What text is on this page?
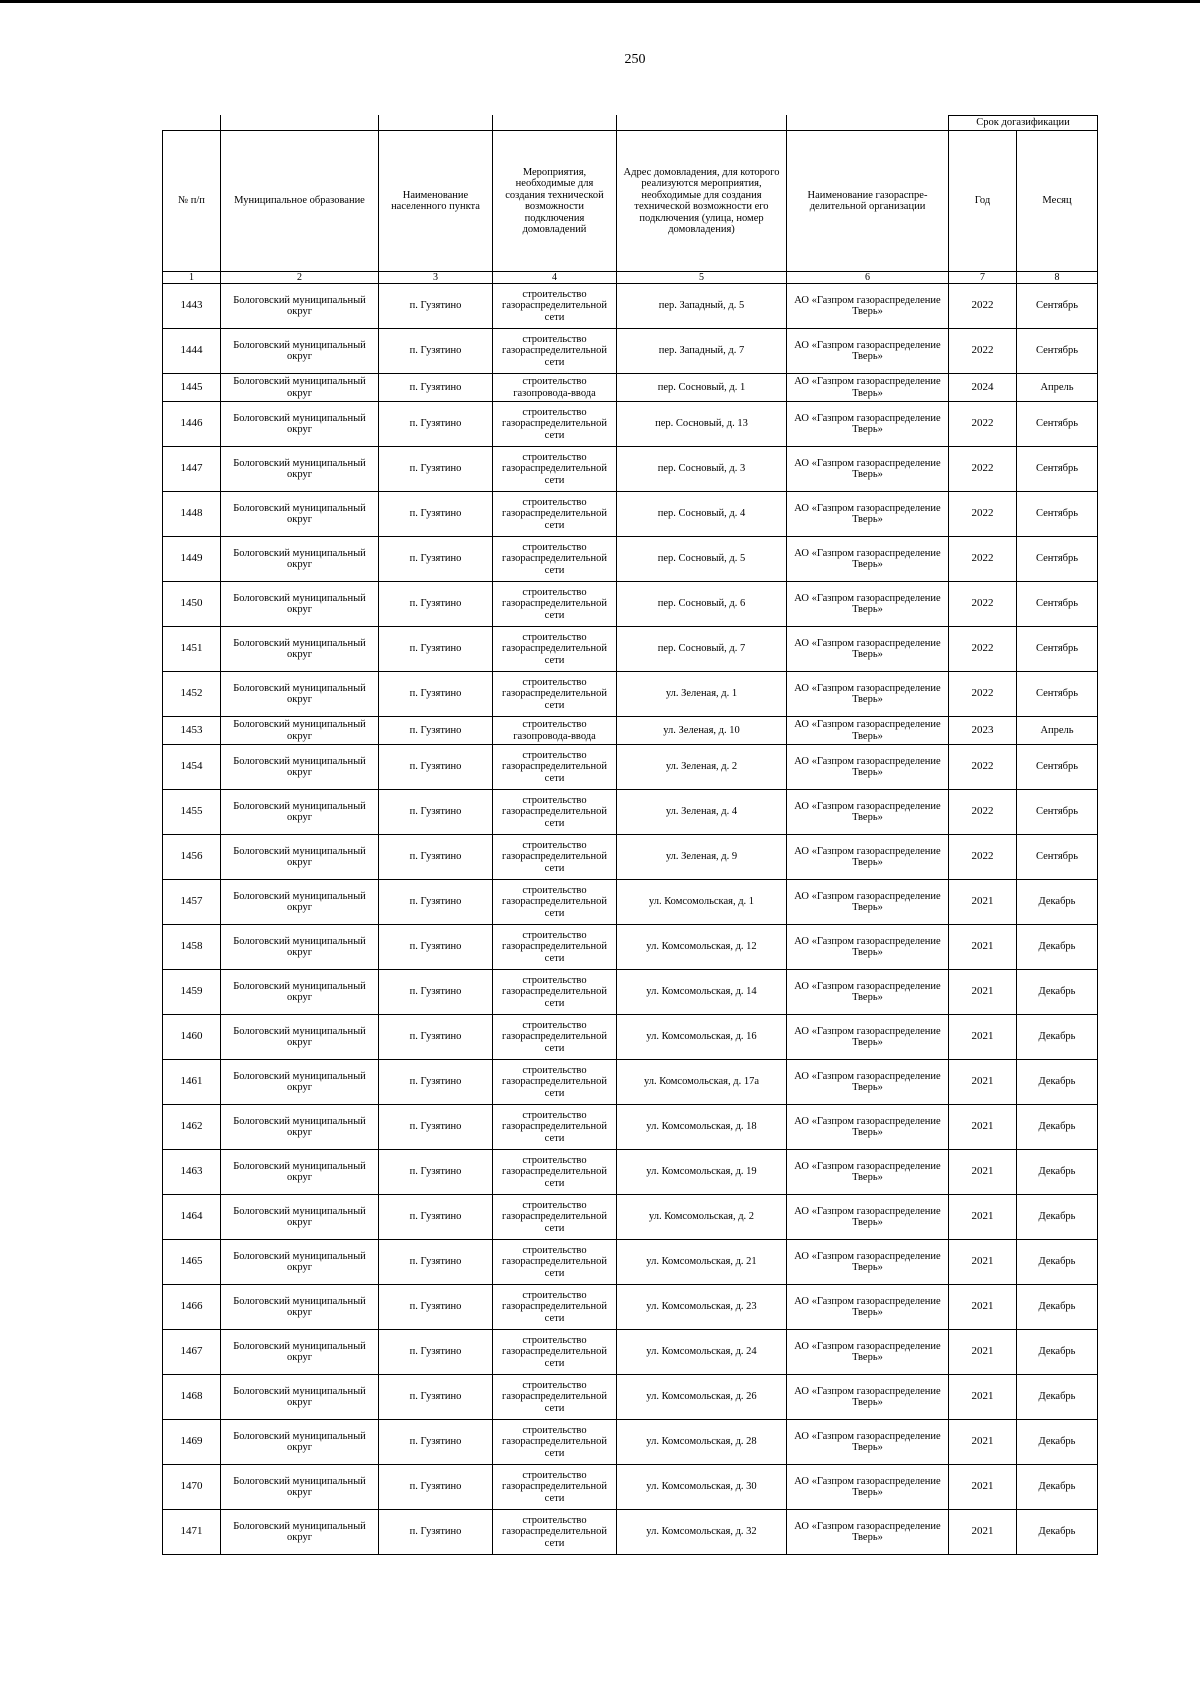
250
						Срок догазификации	
№ п/п	Муниципальное образование	Наименование населенного пункта	Мероприятия, необходимые для создания технической возможности подключения домовладений	Адрес домовладения, для которого реализуются мероприятия, необходимые для создания технической возможности его подключения (улица, номер домовладения)	Наименование газораспре-делительной организации	Год	Месяц
1	2	3	4	5	6	7	8
1443	Бологовский муниципальный округ	п. Гузятино	строительство газораспределительной сети	пер. Западный, д. 5	АО «Газпром газораспределение Тверь»	2022	Сентябрь
1444	Бологовский муниципальный округ	п. Гузятино	строительство газораспределительной сети	пер. Западный, д. 7	АО «Газпром газораспределение Тверь»	2022	Сентябрь
1445	Бологовский муниципальный округ	п. Гузятино	строительство газопровода-ввода	пер. Сосновый, д. 1	АО «Газпром газораспределение Тверь»	2024	Апрель
1446	Бологовский муниципальный округ	п. Гузятино	строительство газораспределительной сети	пер. Сосновый, д. 13	АО «Газпром газораспределение Тверь»	2022	Сентябрь
1447	Бологовский муниципальный округ	п. Гузятино	строительство газораспределительной сети	пер. Сосновый, д. 3	АО «Газпром газораспределение Тверь»	2022	Сентябрь
1448	Бологовский муниципальный округ	п. Гузятино	строительство газораспределительной сети	пер. Сосновый, д. 4	АО «Газпром газораспределение Тверь»	2022	Сентябрь
1449	Бологовский муниципальный округ	п. Гузятино	строительство газораспределительной сети	пер. Сосновый, д. 5	АО «Газпром газораспределение Тверь»	2022	Сентябрь
1450	Бологовский муниципальный округ	п. Гузятино	строительство газораспределительной сети	пер. Сосновый, д. 6	АО «Газпром газораспределение Тверь»	2022	Сентябрь
1451	Бологовский муниципальный округ	п. Гузятино	строительство газораспределительной сети	пер. Сосновый, д. 7	АО «Газпром газораспределение Тверь»	2022	Сентябрь
1452	Бологовский муниципальный округ	п. Гузятино	строительство газораспределительной сети	ул. Зеленая, д. 1	АО «Газпром газораспределение Тверь»	2022	Сентябрь
1453	Бологовский муниципальный округ	п. Гузятино	строительство газопровода-ввода	ул. Зеленая, д. 10	АО «Газпром газораспределение Тверь»	2023	Апрель
1454	Бологовский муниципальный округ	п. Гузятино	строительство газораспределительной сети	ул. Зеленая, д. 2	АО «Газпром газораспределение Тверь»	2022	Сентябрь
1455	Бологовский муниципальный округ	п. Гузятино	строительство газораспределительной сети	ул. Зеленая, д. 4	АО «Газпром газораспределение Тверь»	2022	Сентябрь
1456	Бологовский муниципальный округ	п. Гузятино	строительство газораспределительной сети	ул. Зеленая, д. 9	АО «Газпром газораспределение Тверь»	2022	Сентябрь
1457	Бологовский муниципальный округ	п. Гузятино	строительство газораспределительной сети	ул. Комсомольская, д. 1	АО «Газпром газораспределение Тверь»	2021	Декабрь
1458	Бологовский муниципальный округ	п. Гузятино	строительство газораспределительной сети	ул. Комсомольская, д. 12	АО «Газпром газораспределение Тверь»	2021	Декабрь
1459	Бологовский муниципальный округ	п. Гузятино	строительство газораспределительной сети	ул. Комсомольская, д. 14	АО «Газпром газораспределение Тверь»	2021	Декабрь
1460	Бологовский муниципальный округ	п. Гузятино	строительство газораспределительной сети	ул. Комсомольская, д. 16	АО «Газпром газораспределение Тверь»	2021	Декабрь
1461	Бологовский муниципальный округ	п. Гузятино	строительство газораспределительной сети	ул. Комсомольская, д. 17а	АО «Газпром газораспределение Тверь»	2021	Декабрь
1462	Бологовский муниципальный округ	п. Гузятино	строительство газораспределительной сети	ул. Комсомольская, д. 18	АО «Газпром газораспределение Тверь»	2021	Декабрь
1463	Бологовский муниципальный округ	п. Гузятино	строительство газораспределительной сети	ул. Комсомольская, д. 19	АО «Газпром газораспределение Тверь»	2021	Декабрь
1464	Бологовский муниципальный округ	п. Гузятино	строительство газораспределительной сети	ул. Комсомольская, д. 2	АО «Газпром газораспределение Тверь»	2021	Декабрь
1465	Бологовский муниципальный округ	п. Гузятино	строительство газораспределительной сети	ул. Комсомольская, д. 21	АО «Газпром газораспределение Тверь»	2021	Декабрь
1466	Бологовский муниципальный округ	п. Гузятино	строительство газораспределительной сети	ул. Комсомольская, д. 23	АО «Газпром газораспределение Тверь»	2021	Декабрь
1467	Бологовский муниципальный округ	п. Гузятино	строительство газораспределительной сети	ул. Комсомольская, д. 24	АО «Газпром газораспределение Тверь»	2021	Декабрь
1468	Бологовский муниципальный округ	п. Гузятино	строительство газораспределительной сети	ул. Комсомольская, д. 26	АО «Газпром газораспределение Тверь»	2021	Декабрь
1469	Бологовский муниципальный округ	п. Гузятино	строительство газораспределительной сети	ул. Комсомольская, д. 28	АО «Газпром газораспределение Тверь»	2021	Декабрь
1470	Бологовский муниципальный округ	п. Гузятино	строительство газораспределительной сети	ул. Комсомольская, д. 30	АО «Газпром газораспределение Тверь»	2021	Декабрь
1471	Бологовский муниципальный округ	п. Гузятино	строительство газораспределительной сети	ул. Комсомольская, д. 32	АО «Газпром газораспределение Тверь»	2021	Декабрь
